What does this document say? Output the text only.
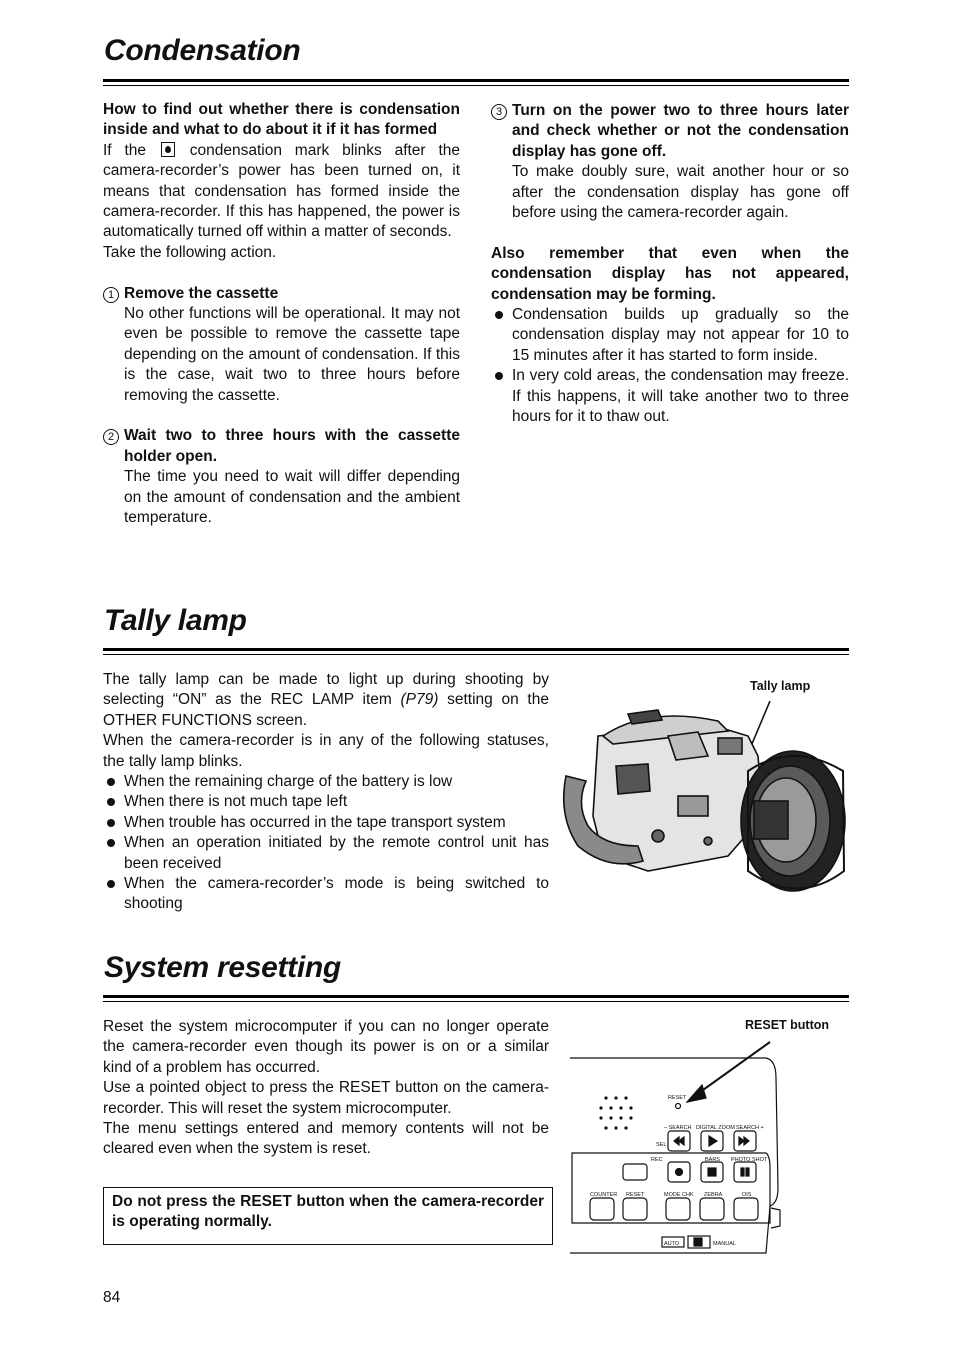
Condensation

How to find out whether there is condensation inside and what to do about it if it has formed

If the	condensation mark blinks after the camera-recorder’s power has been turned on, it means that condensation has formed inside the camera-recorder. If this has happened, the power is automatically turned off within a matter of seconds.

Take the following action.

1 Remove the cassette

No other functions will be operational. It may not even be possible to remove the cassette tape depending on the amount of condensation. If this is the case, wait two to three hours before removing the cassette.

2 Wait two to three hours with the cassette holder open.

The time you need to wait will differ depending on the amount of condensation and the ambient temperature.

3 Turn on the power two to three hours later and check whether or not the condensation display has gone off.

To make doubly sure, wait another hour or so after the condensation display has gone off before using the camera-recorder again.

Also remember that even when the condensation display has not appeared, condensation may be forming.

Condensation builds up gradually so the condensation display may not appear for 10 to 15 minutes after it has started to form inside.

In very cold areas, the condensation may freeze. If this happens, it will take another two to three hours for it to thaw out.

Tally lamp

The tally lamp can be made to light up during shooting by selecting “ON” as the REC LAMP item (P79) setting on the OTHER FUNCTIONS screen.

When the camera-recorder is in any of the following statuses, the tally lamp blinks.

When the remaining charge of the battery is low

When there is not much tape left

When trouble has occurred in the tape transport system

When an operation initiated by the remote control unit has been received

When the camera-recorder’s mode is being switched to shooting

Tally lamp
System resetting

Reset the system microcomputer if you can no longer operate the camera-recorder even though its power is on or a similar kind of a problem has occurred.

Use a pointed object to press the RESET button on the camera-recorder. This will reset the system microcomputer.

The menu settings entered and memory contents will not be cleared even when the system is reset.

Do not press the RESET button when the camera-recorder is operating normally.
RESET button
RESET
– SEARCH DIGITAL ZOOM SEARCH +
SEL
REC	BARS PHOTO SHOT
COUNTER RESET	MODE CHK ZEBRA	OIS
AUTO	MANUAL
84
